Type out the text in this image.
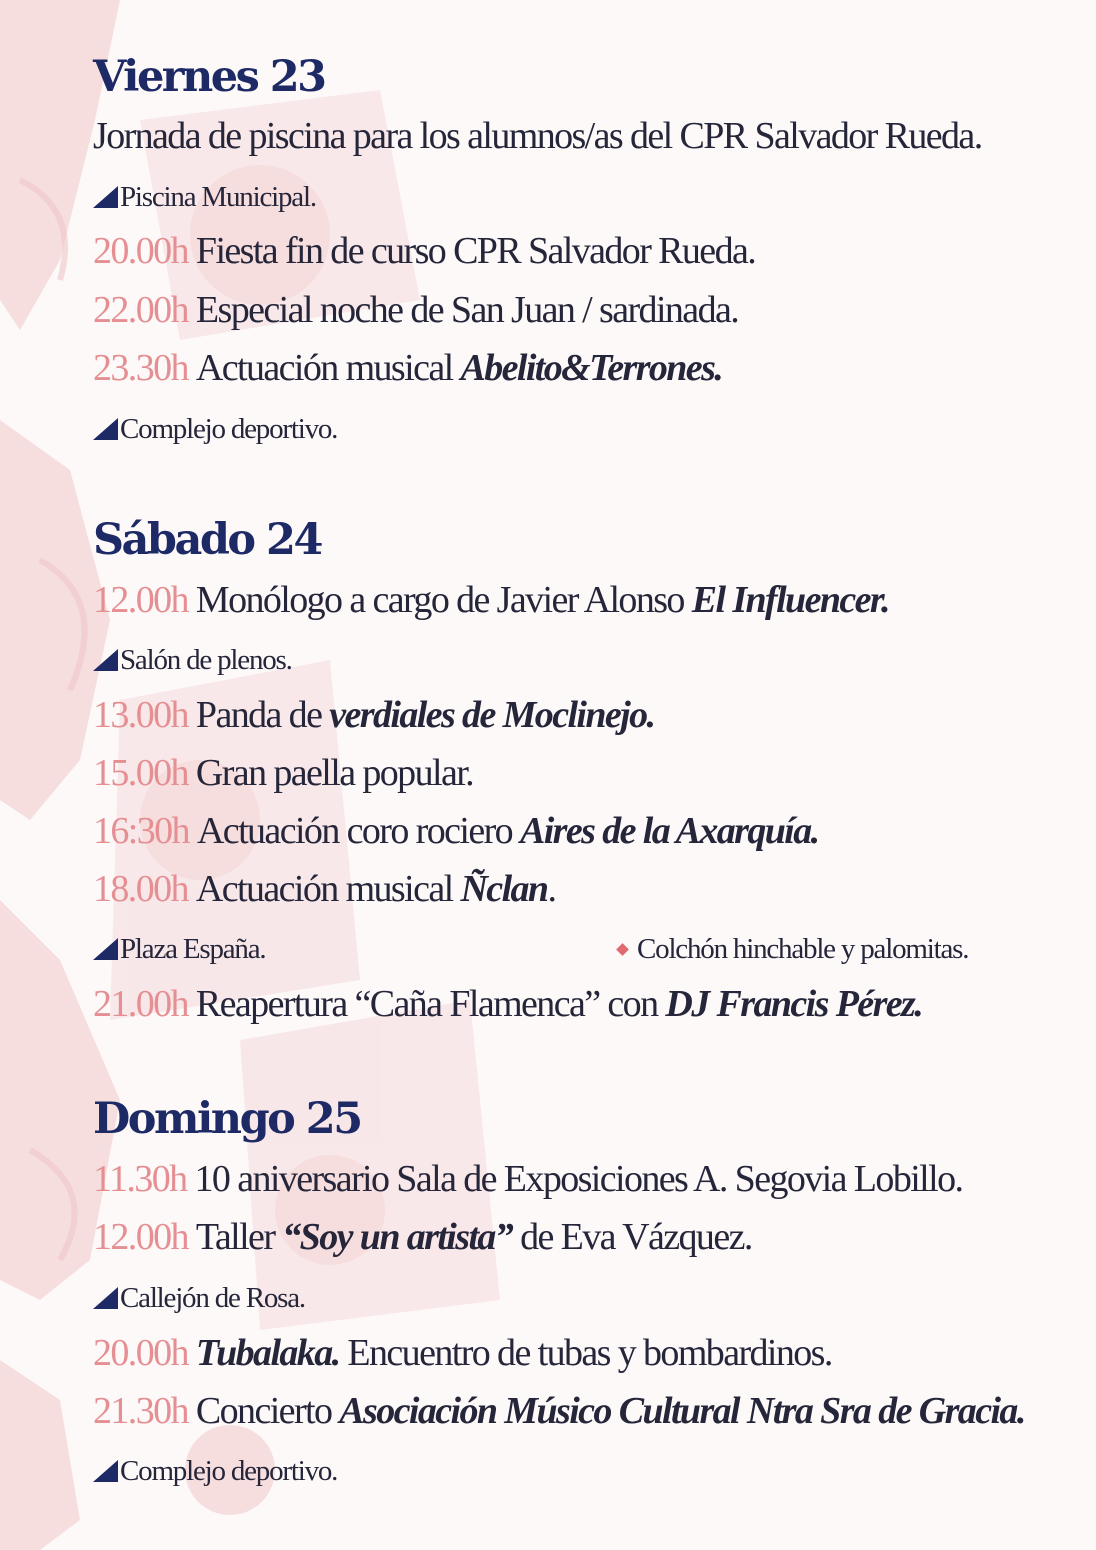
Viernes 23
Jornada de piscina para los alumnos/as del CPR Salvador Rueda.
Piscina Municipal.
20.00h Fiesta fin de curso CPR Salvador Rueda.
22.00h Especial noche de San Juan / sardinada.
23.30h Actuación musical Abelito&Terrones.
Complejo deportivo.
Sábado 24
12.00h Monólogo a cargo de Javier Alonso El Influencer.
Salón de plenos.
13.00h Panda de verdiales de Moclinejo.
15.00h Gran paella popular.
16:30h Actuación coro rociero Aires de la Axarquía.
18.00h Actuación musical Ñclan.
Plaza España.	Colchón hinchable y palomitas.
21.00h Reapertura “Caña Flamenca” con DJ Francis Pérez.
Domingo 25
11.30h 10 aniversario Sala de Exposiciones A. Segovia Lobillo.
12.00h Taller “Soy un artista” de Eva Vázquez.
Callejón de Rosa.
20.00h Tubalaka. Encuentro de tubas y bombardinos.
21.30h Concierto Asociación Músico Cultural Ntra Sra de Gracia.
Complejo deportivo.
